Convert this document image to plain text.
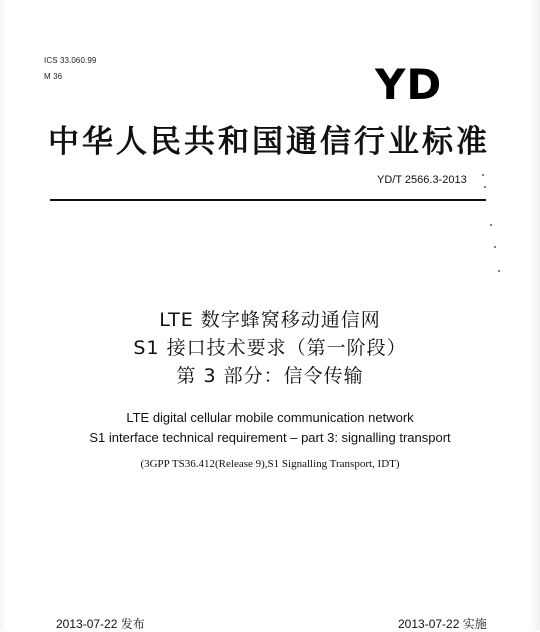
ICS 33.060.99
M 36	YD
中华人民共和国通信行业标准
YD/T 2566.3-2013
LTE 数字蜂窝移动通信网
S1 接口技术要求（第一阶段）
第 3 部分：信令传输
LTE digital cellular mobile communication network
S1 interface technical requirement – part 3: signalling transport
(3GPP TS36.412(Release 9),S1 Signalling Transport, IDT)
2013-07-22 发布	2013-07-22 实施
